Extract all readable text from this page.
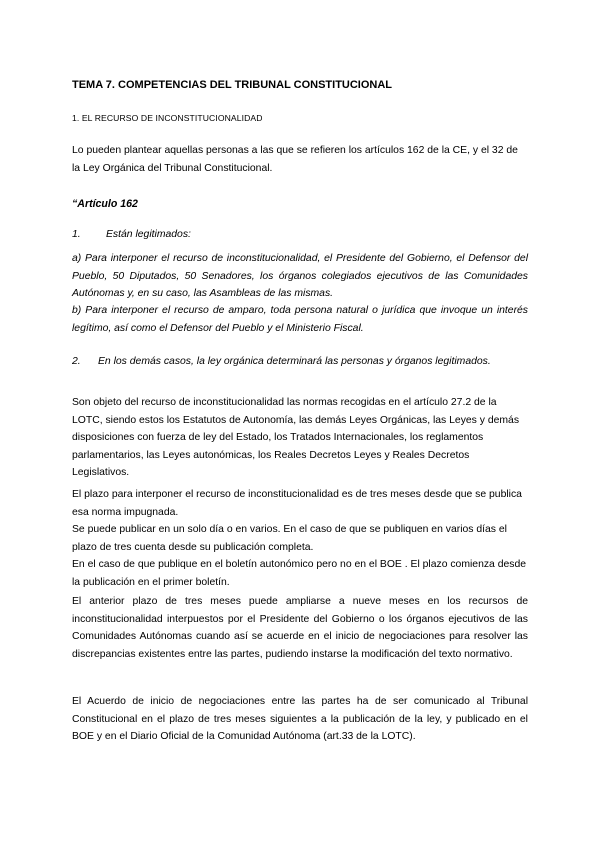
TEMA 7. COMPETENCIAS DEL TRIBUNAL CONSTITUCIONAL

1. EL RECURSO DE INCONSTITUCIONALIDAD

Lo pueden plantear aquellas personas a las que se refieren los artículos 162 de la CE, y el 32 de la Ley Orgánica del Tribunal Constitucional.

“Artículo 162

1.	Están legitimados:

a) Para interponer el recurso de inconstitucionalidad, el Presidente del Gobierno, el Defensor del Pueblo, 50 Diputados, 50 Senadores, los órganos colegiados ejecutivos de las Comunidades Autónomas y, en su caso, las Asambleas de las mismas.

b) Para interponer el recurso de amparo, toda persona natural o jurídica que invoque un interés legítimo, así como el Defensor del Pueblo y el Ministerio Fiscal.

2.	En los demás casos, la ley orgánica determinará las personas y órganos legitimados.

Son objeto del recurso de inconstitucionalidad las normas recogidas en el artículo 27.2 de la LOTC, siendo estos los Estatutos de Autonomía, las demás Leyes Orgánicas, las Leyes y demás disposiciones con fuerza de ley del Estado, los Tratados Internacionales, los reglamentos parlamentarios, las Leyes autonómicas, los Reales Decretos Leyes y Reales Decretos Legislativos.

El plazo para interponer el recurso de inconstitucionalidad es de tres meses desde que se publica esa norma impugnada.

Se puede publicar en un solo día o en varios. En el caso de que se publiquen en varios días el plazo de tres cuenta desde su publicación completa.

En el caso de que publique en el boletín autonómico pero no en el BOE . El plazo comienza desde la publicación en el primer boletín.

El anterior plazo de tres meses puede ampliarse a nueve meses en los recursos de inconstitucionalidad interpuestos por el Presidente del Gobierno o los órganos ejecutivos de las Comunidades Autónomas cuando así se acuerde en el inicio de negociaciones para resolver las discrepancias existentes entre las partes, pudiendo instarse la modificación del texto normativo.

El Acuerdo de inicio de negociaciones entre las partes ha de ser comunicado al Tribunal Constitucional en el plazo de tres meses siguientes a la publicación de la ley, y publicado en el BOE y en el Diario Oficial de la Comunidad Autónoma (art.33 de la LOTC).
